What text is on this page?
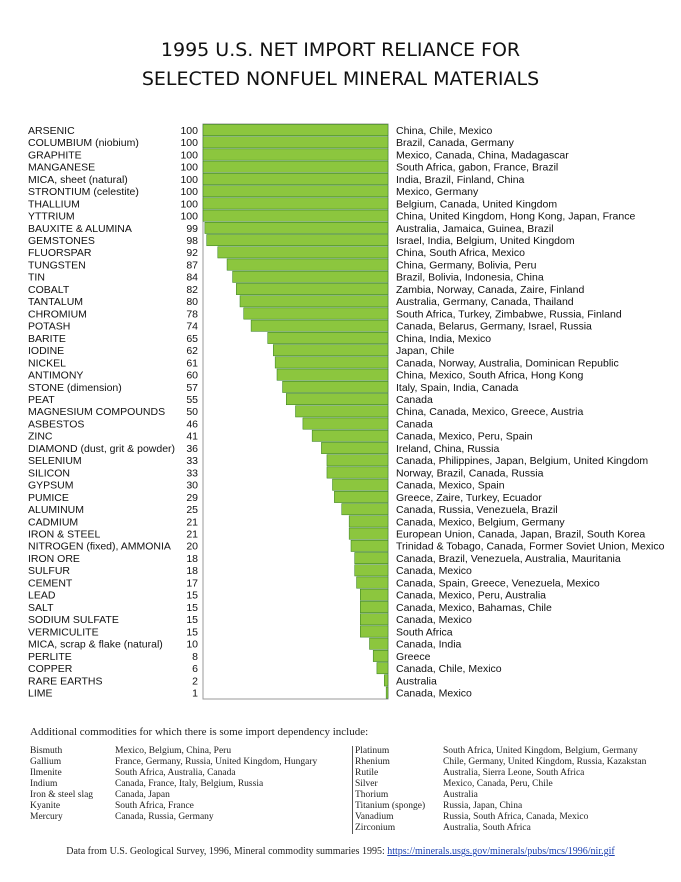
1995 U.S. NET IMPORT RELIANCE FOR
SELECTED NONFUEL MINERAL MATERIALS
ARSENIC	100	China, Chile, Mexico
COLUMBIUM (niobium)	100	Brazil, Canada, Germany
GRAPHITE	100	Mexico, Canada, China, Madagascar
MANGANESE	100	South Africa, gabon, France, Brazil
MICA, sheet (natural)	100	India, Brazil, Finland, China
STRONTIUM (celestite)	100	Mexico, Germany
THALLIUM	100	Belgium, Canada, United Kingdom
YTTRIUM	100	China, United Kingdom, Hong Kong, Japan, France
BAUXITE & ALUMINA	99	Australia, Jamaica, Guinea, Brazil
GEMSTONES	98	Israel, India, Belgium, United Kingdom
FLUORSPAR	92	China, South Africa, Mexico
TUNGSTEN	87	China, Germany, Bolivia, Peru
TIN	84	Brazil, Bolivia, Indonesia, China
COBALT	82	Zambia, Norway, Canada, Zaire, Finland
TANTALUM	80	Australia, Germany, Canada, Thailand
CHROMIUM	78	South Africa, Turkey, Zimbabwe, Russia, Finland
POTASH	74	Canada, Belarus, Germany, Israel, Russia
BARITE	65	China, India, Mexico
IODINE	62	Japan, Chile
NICKEL	61	Canada, Norway, Australia, Dominican Republic
ANTIMONY	60	China, Mexico, South Africa, Hong Kong
STONE (dimension)	57	Italy, Spain, India, Canada
PEAT	55	Canada
MAGNESIUM COMPOUNDS 50	China, Canada, Mexico, Greece, Austria
ASBESTOS	46	Canada
ZINC	41	Canada, Mexico, Peru, Spain
DIAMOND (dust, grit & powder) 36	Ireland, China, Russia
SELENIUM	33	Canada, Philippines, Japan, Belgium, United Kingdom
SILICON	33	Norway, Brazil, Canada, Russia
GYPSUM	30	Canada, Mexico, Spain
PUMICE	29	Greece, Zaire, Turkey, Ecuador
ALUMINUM	25	Canada, Russia, Venezuela, Brazil
CADMIUM	21	Canada, Mexico, Belgium, Germany
IRON & STEEL	21	European Union, Canada, Japan, Brazil, South Korea
NITROGEN (fixed), AMMONIA 20	Trinidad & Tobago, Canada, Former Soviet Union, Mexico
IRON ORE	18	Canada, Brazil, Venezuela, Australia, Mauritania
SULFUR	18	Canada, Mexico
CEMENT	17	Canada, Spain, Greece, Venezuela, Mexico
LEAD	15	Canada, Mexico, Peru, Australia
SALT	15	Canada, Mexico, Bahamas, Chile
SODIUM SULFATE	15	Canada, Mexico
VERMICULITE	15	South Africa
MICA, scrap & flake (natural) 10	Canada, India
PERLITE	8	Greece
COPPER	6	Canada, Chile, Mexico
RARE EARTHS	2	Australia
LIME	1	Canada, Mexico
Additional commodities for which there is some import dependency include:
Bismuth	Mexico, Belgium, China, Peru
Gallium	France, Germany, Russia, United Kingdom, Hungary
Ilmenite	South Africa, Australia, Canada
Indium	Canada, France, Italy, Belgium, Russia
Iron & steel slag	Canada, Japan
Kyanite	South Africa, France
Mercury	Canada, Russia, Germany
Platinum	South Africa, United Kingdom, Belgium, Germany
Rhenium	Chile, Germany, United Kingdom, Russia, Kazakstan
Rutile	Australia, Sierra Leone, South Africa
Silver	Mexico, Canada, Peru, Chile
Thorium	Australia
Titanium (sponge)	Russia, Japan, China
Vanadium	Russia, South Africa, Canada, Mexico
Zirconium	Australia, South Africa
Data from U.S. Geological Survey, 1996, Mineral commodity summaries 1995: https://minerals.usgs.gov/minerals/pubs/mcs/1996/nir.gif
